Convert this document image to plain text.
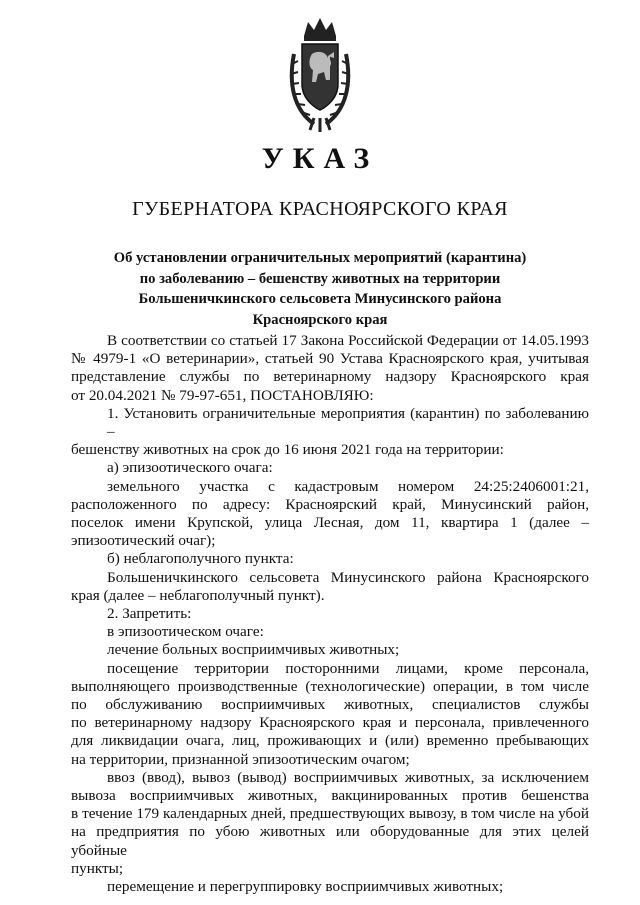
УКАЗ
ГУБЕРНАТОРА КРАСНОЯРСКОГО КРАЯ
Об установлении ограничительных мероприятий (карантина)
по заболеванию – бешенству животных на территории
Большеничкинского сельсовета Минусинского района
Красноярского края

В соответствии со статьей 17 Закона Российской Федерации от 14.05.1993

№ 4979-1 «О ветеринарии», статьей 90 Устава Красноярского края, учитывая

представление службы по ветеринарному надзору Красноярского края

от 20.04.2021 № 79-97-651, ПОСТАНОВЛЯЮ:

1. Установить ограничительные мероприятия (карантин) по заболеванию –

бешенству животных на срок до 16 июня 2021 года на территории:

а) эпизоотического очага:

земельного участка с кадастровым номером 24:25:2406001:21,

расположенного по адресу: Красноярский край, Минусинский район,

поселок имени Крупской, улица Лесная, дом 11, квартира 1 (далее –

эпизоотический очаг);

б) неблагополучного пункта:

Большеничкинского сельсовета Минусинского района Красноярского

края (далее – неблагополучный пункт).

2. Запретить:

в эпизоотическом очаге:

лечение больных восприимчивых животных;

посещение территории посторонними лицами, кроме персонала,

выполняющего производственные (технологические) операции, в том числе

по обслуживанию восприимчивых животных, специалистов службы

по ветеринарному надзору Красноярского края и персонала, привлеченного

для ликвидации очага, лиц, проживающих и (или) временно пребывающих

на территории, признанной эпизоотическим очагом;

ввоз (ввод), вывоз (вывод) восприимчивых животных, за исключением

вывоза восприимчивых животных, вакцинированных против бешенства

в течение 179 календарных дней, предшествующих вывозу, в том числе на убой

на предприятия по убою животных или оборудованные для этих целей убойные

пункты;

перемещение и перегруппировку восприимчивых животных;
